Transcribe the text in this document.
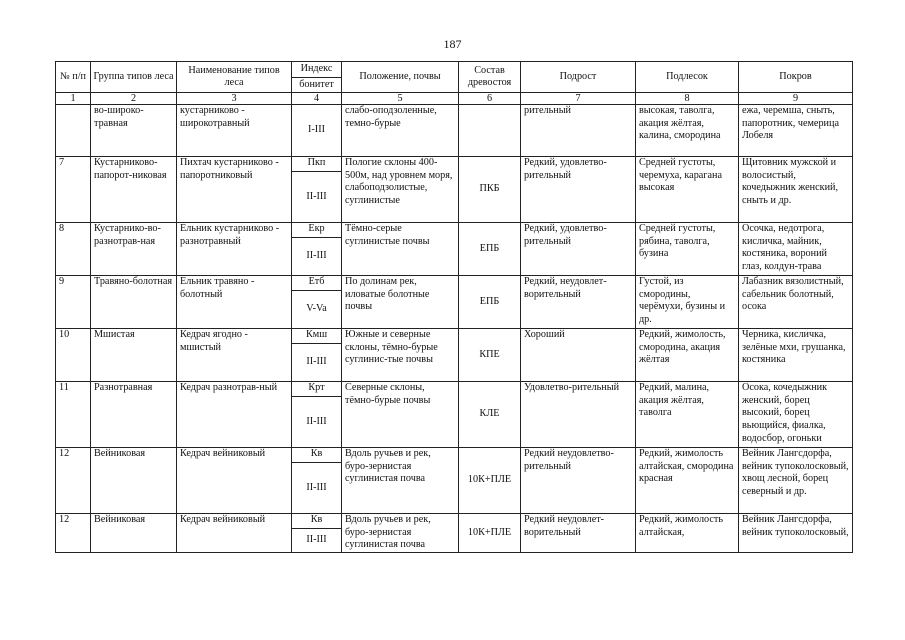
187
№ п/п	Группа типов леса	Наименование типов леса	Индекс	Положение, почвы	Состав древостоя	Подрост	Подлесок	Покров
			бонитет					
1	2	3	4	5	6	7	8	9
	во-широко-травная	кустарниково - широкотравный	I-III	слабо-оподзоленные, темно-бурые		рительный	высокая, таволга, акация жёлтая, калина, смородина	ежа, черемша, сныть, папоротник, чемерица Лобеля
7	Кустарниково-папорот-никовая	Пихтач кустарниково - папоротниковый	Пкп	Пологие склоны 400-500м, над уровнем моря, слабоподзолистые, суглинистые	ПКБ	Редкий, удовлетво-рительный	Средней густоты, черемуха, карагана высокая	Щитовник мужской и волосистый, кочедыжник женский, сныть и др.
			II-III					
8	Кустарнико-во-разнотрав-ная	Ельник кустарниково - разнотравный	Екр	Тёмно-серые суглинистые почвы	ЕПБ	Редкий, удовлетво-рительный	Средней густоты, рябина, таволга, бузина	Осочка, недотрога, кисличка, майник, костяника, вороний глаз, колдун-трава
			II-III					
9	Травяно-болотная	Ельник травяно - болотный	Етб	По долинам рек, иловатые болотные почвы	ЕПБ	Редкий, неудовлет-ворительный	Густой, из смородины, черёмухи, бузины и др.	Лабазник вязолистный, сабельник болотный, осока
			V-Va					
10	Мшистая	Кедрач ягодно - мшистый	Кмш	Южные и северные склоны, тёмно-бурые суглинис-тые почвы	КПЕ	Хороший	Редкий, жимолость, смородина, акация жёлтая	Черника, кисличка, зелёные мхи, грушанка, костяника
			II-III					
11	Разнотравная	Кедрач разнотрав-ный	Крт	Северные склоны, тёмно-бурые почвы	КЛЕ	Удовлетво-рительный	Редкий, малина, акация жёлтая, таволга	Осока, кочедыжник женский, борец высокий, борец вьющийся, фиалка, водосбор, огоньки
			II-III					
12	Вейниковая	Кедрач вейниковый	Кв	Вдоль ручьев и рек, буро-зернистая суглинистая почва	10К+ПЛЕ	Редкий неудовлетво-рительный	Редкий, жимолость алтайская, смородина красная	Вейник Лангсдорфа, вейник тупоколосковый, хвощ лесной, борец северный и др.
			II-III					
12	Вейниковая	Кедрач вейниковый	Кв	Вдоль ручьев и рек, буро-зернистая суглинистая почва	10К+ПЛЕ	Редкий неудовлет-ворительный	Редкий, жимолость алтайская,	Вейник Лангсдорфа, вейник тупоколосковый,
			II-III					
